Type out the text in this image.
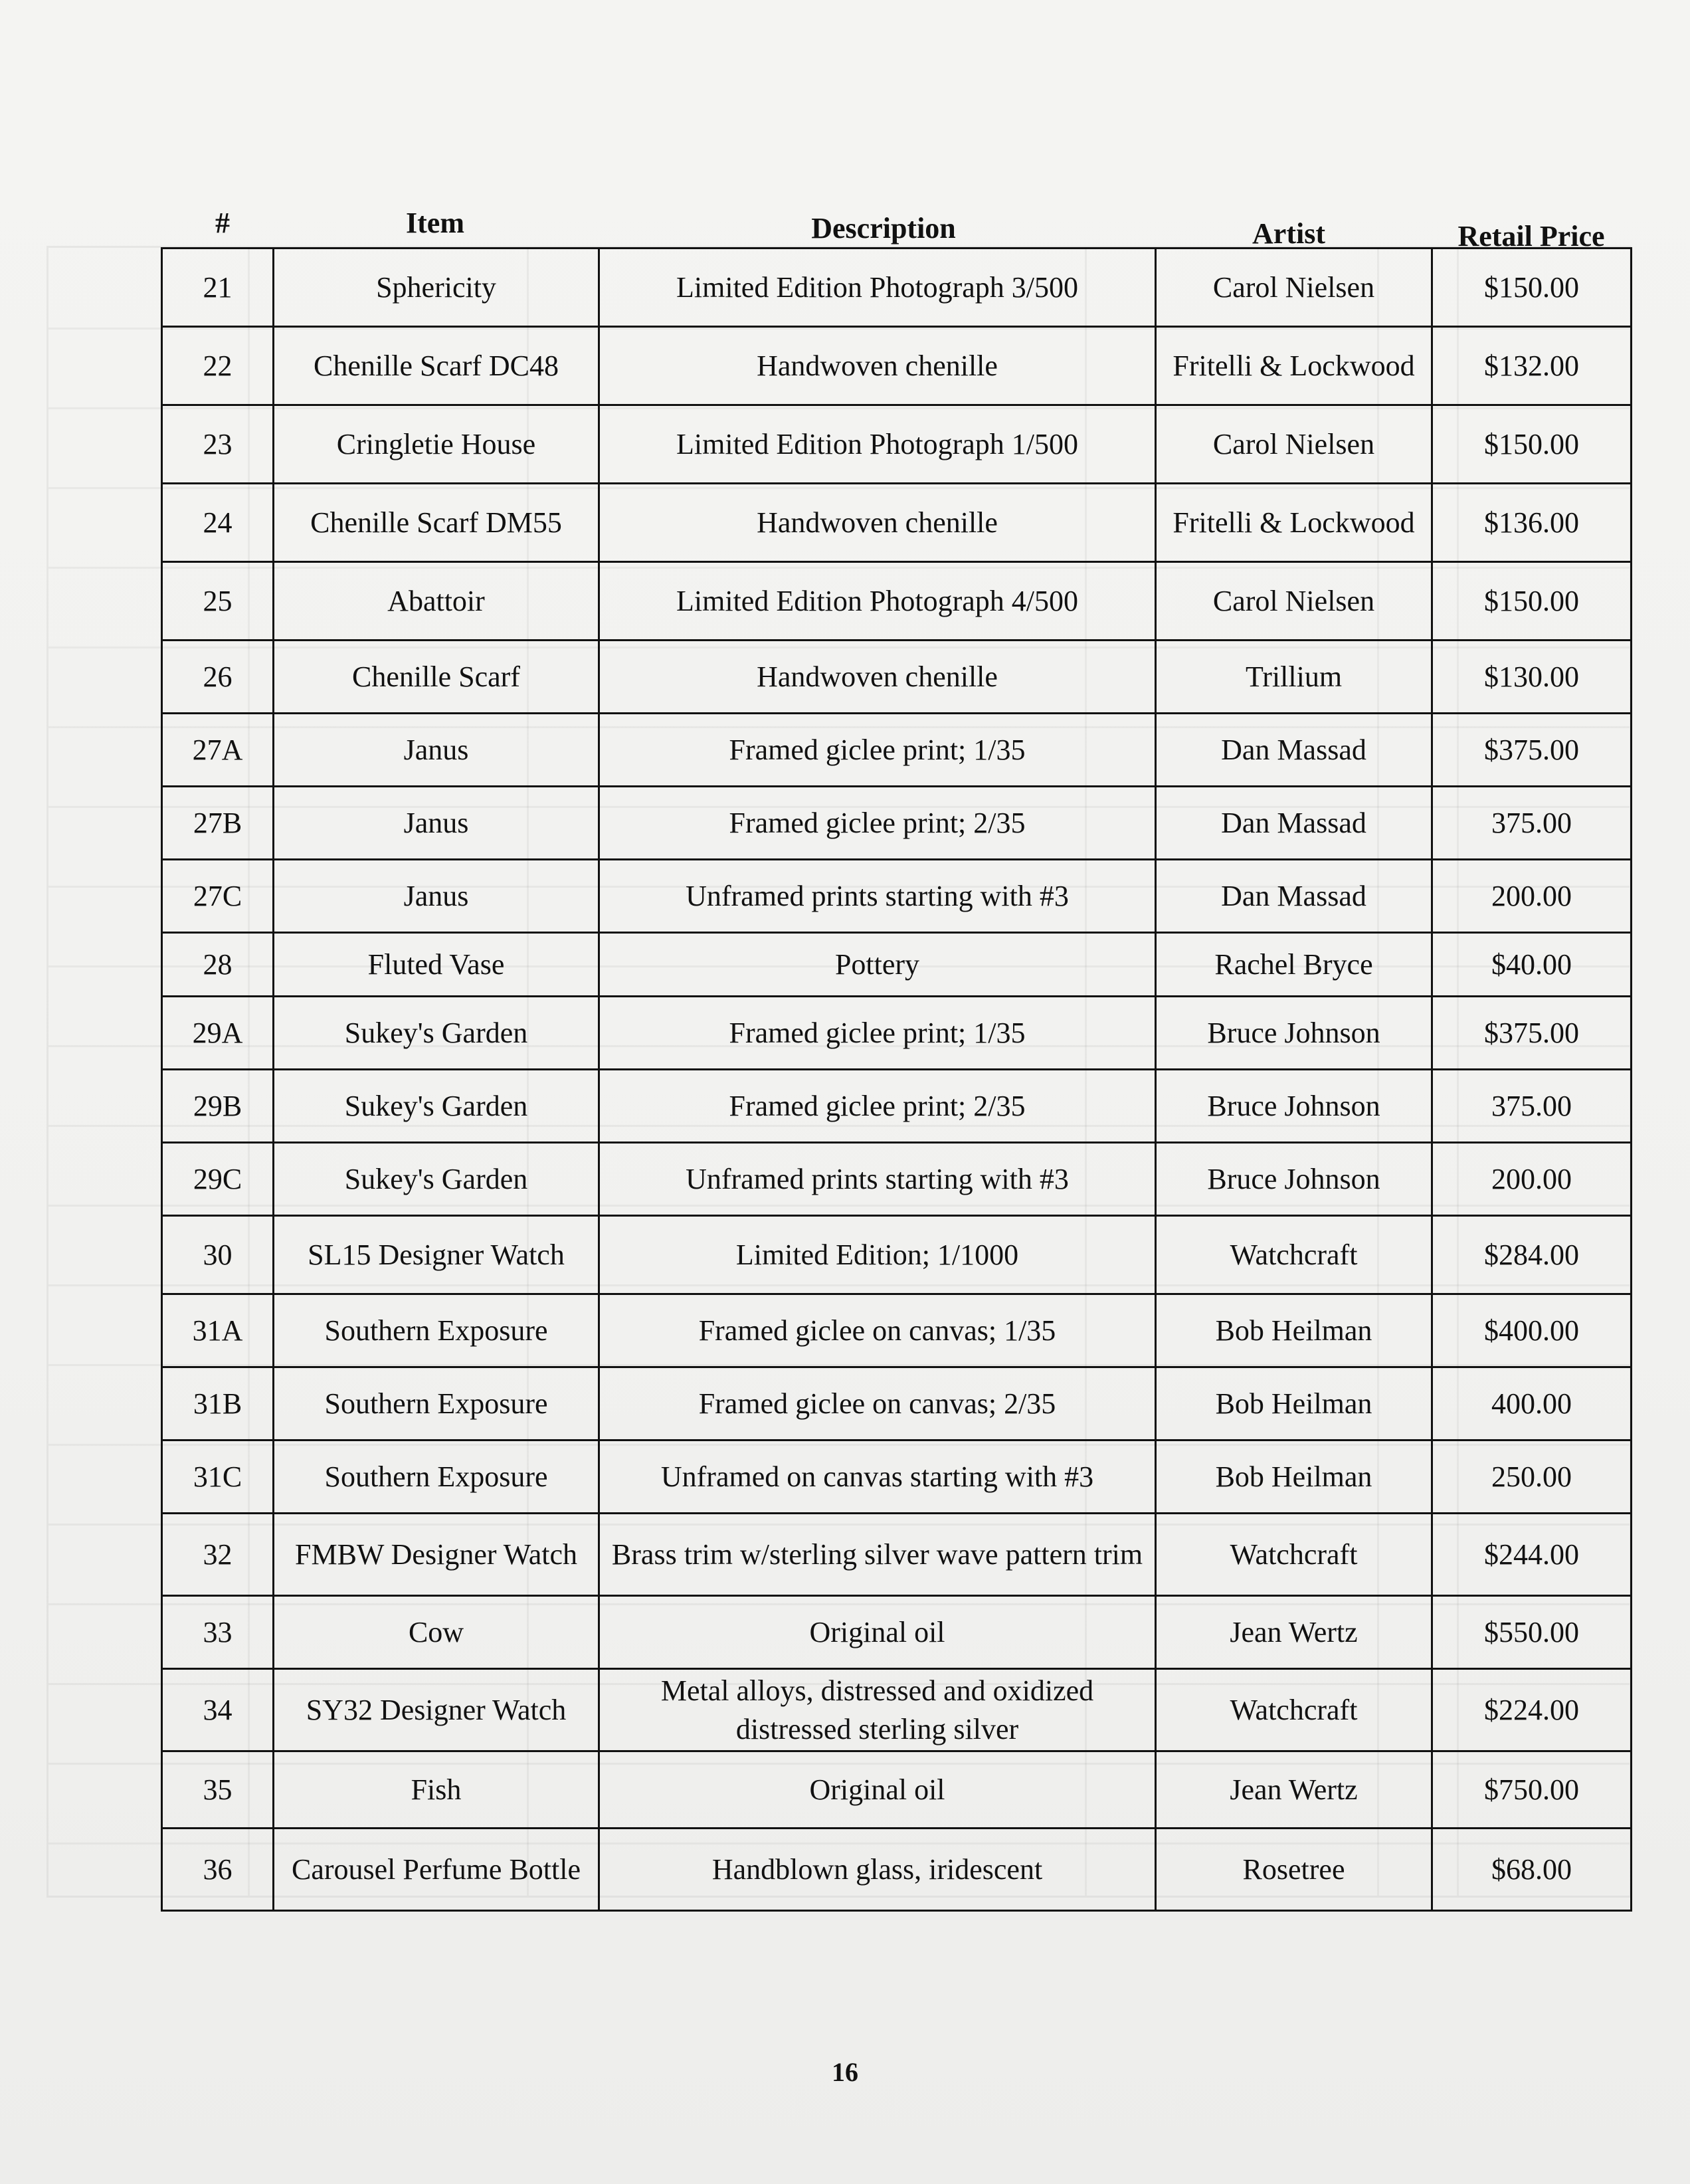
#	Item	Description	Artist	Retail Price
21	Sphericity	Limited Edition Photograph 3/500	Carol Nielsen	$150.00
22	Chenille Scarf DC48	Handwoven chenille	Fritelli & Lockwood	$132.00
23	Cringletie House	Limited Edition Photograph 1/500	Carol Nielsen	$150.00
24	Chenille Scarf DM55	Handwoven chenille	Fritelli & Lockwood	$136.00
25	Abattoir	Limited Edition Photograph 4/500	Carol Nielsen	$150.00
26	Chenille Scarf	Handwoven chenille	Trillium	$130.00
27A	Janus	Framed giclee print; 1/35	Dan Massad	$375.00
27B	Janus	Framed giclee print; 2/35	Dan Massad	375.00
27C	Janus	Unframed prints starting with #3	Dan Massad	200.00
28	Fluted Vase	Pottery	Rachel Bryce	$40.00
29A	Sukey's Garden	Framed giclee print; 1/35	Bruce Johnson	$375.00
29B	Sukey's Garden	Framed giclee print; 2/35	Bruce Johnson	375.00
29C	Sukey's Garden	Unframed prints starting with #3	Bruce Johnson	200.00
30	SL15 Designer Watch	Limited Edition; 1/1000	Watchcraft	$284.00
31A	Southern Exposure	Framed giclee on canvas; 1/35	Bob Heilman	$400.00
31B	Southern Exposure	Framed giclee on canvas; 2/35	Bob Heilman	400.00
31C	Southern Exposure	Unframed on canvas starting with #3	Bob Heilman	250.00
32	FMBW Designer Watch	Brass trim w/sterling silver wave pattern trim	Watchcraft	$244.00
33	Cow	Original oil	Jean Wertz	$550.00
34	SY32 Designer Watch	Metal alloys, distressed and oxidized distressed sterling silver	Watchcraft	$224.00
35	Fish	Original oil	Jean Wertz	$750.00
36	Carousel Perfume Bottle	Handblown glass, iridescent	Rosetree	$68.00
16
